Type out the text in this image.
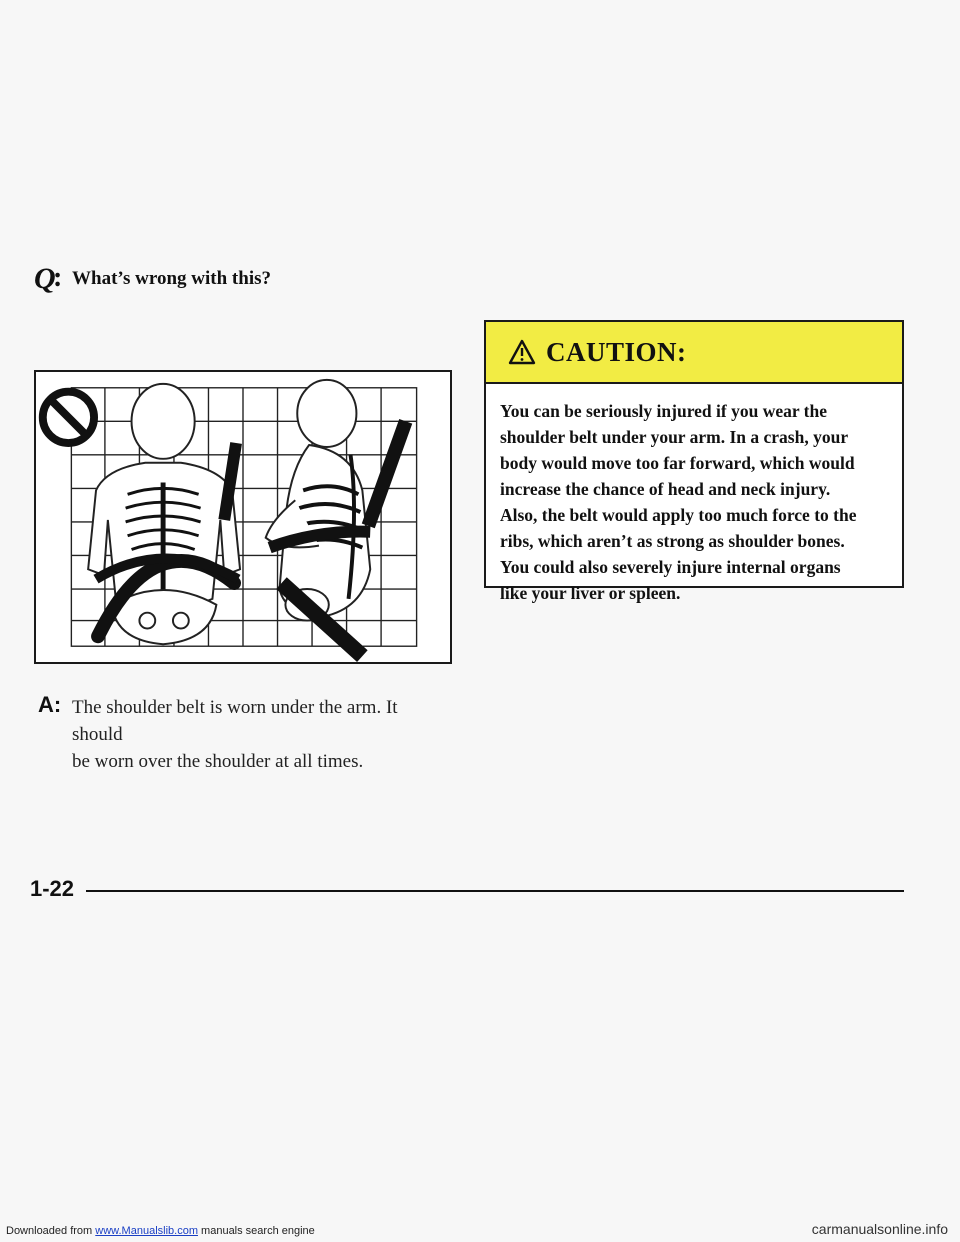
Q
: What’s wrong with this?
A: The shoulder belt is worn under the arm. It should
be worn over the shoulder at all times.
CAUTION:
You can be seriously injured if you wear the
shoulder belt under your arm. In a crash, your
body would move too far forward, which would
increase the chance of head and neck injury.
Also, the belt would apply too much force to the
ribs, which aren’t as strong as shoulder bones.
You could also severely injure internal organs
like your liver or spleen.
1-22
Downloaded from www.Manualslib.com manuals search engine	carmanualsonline.info
